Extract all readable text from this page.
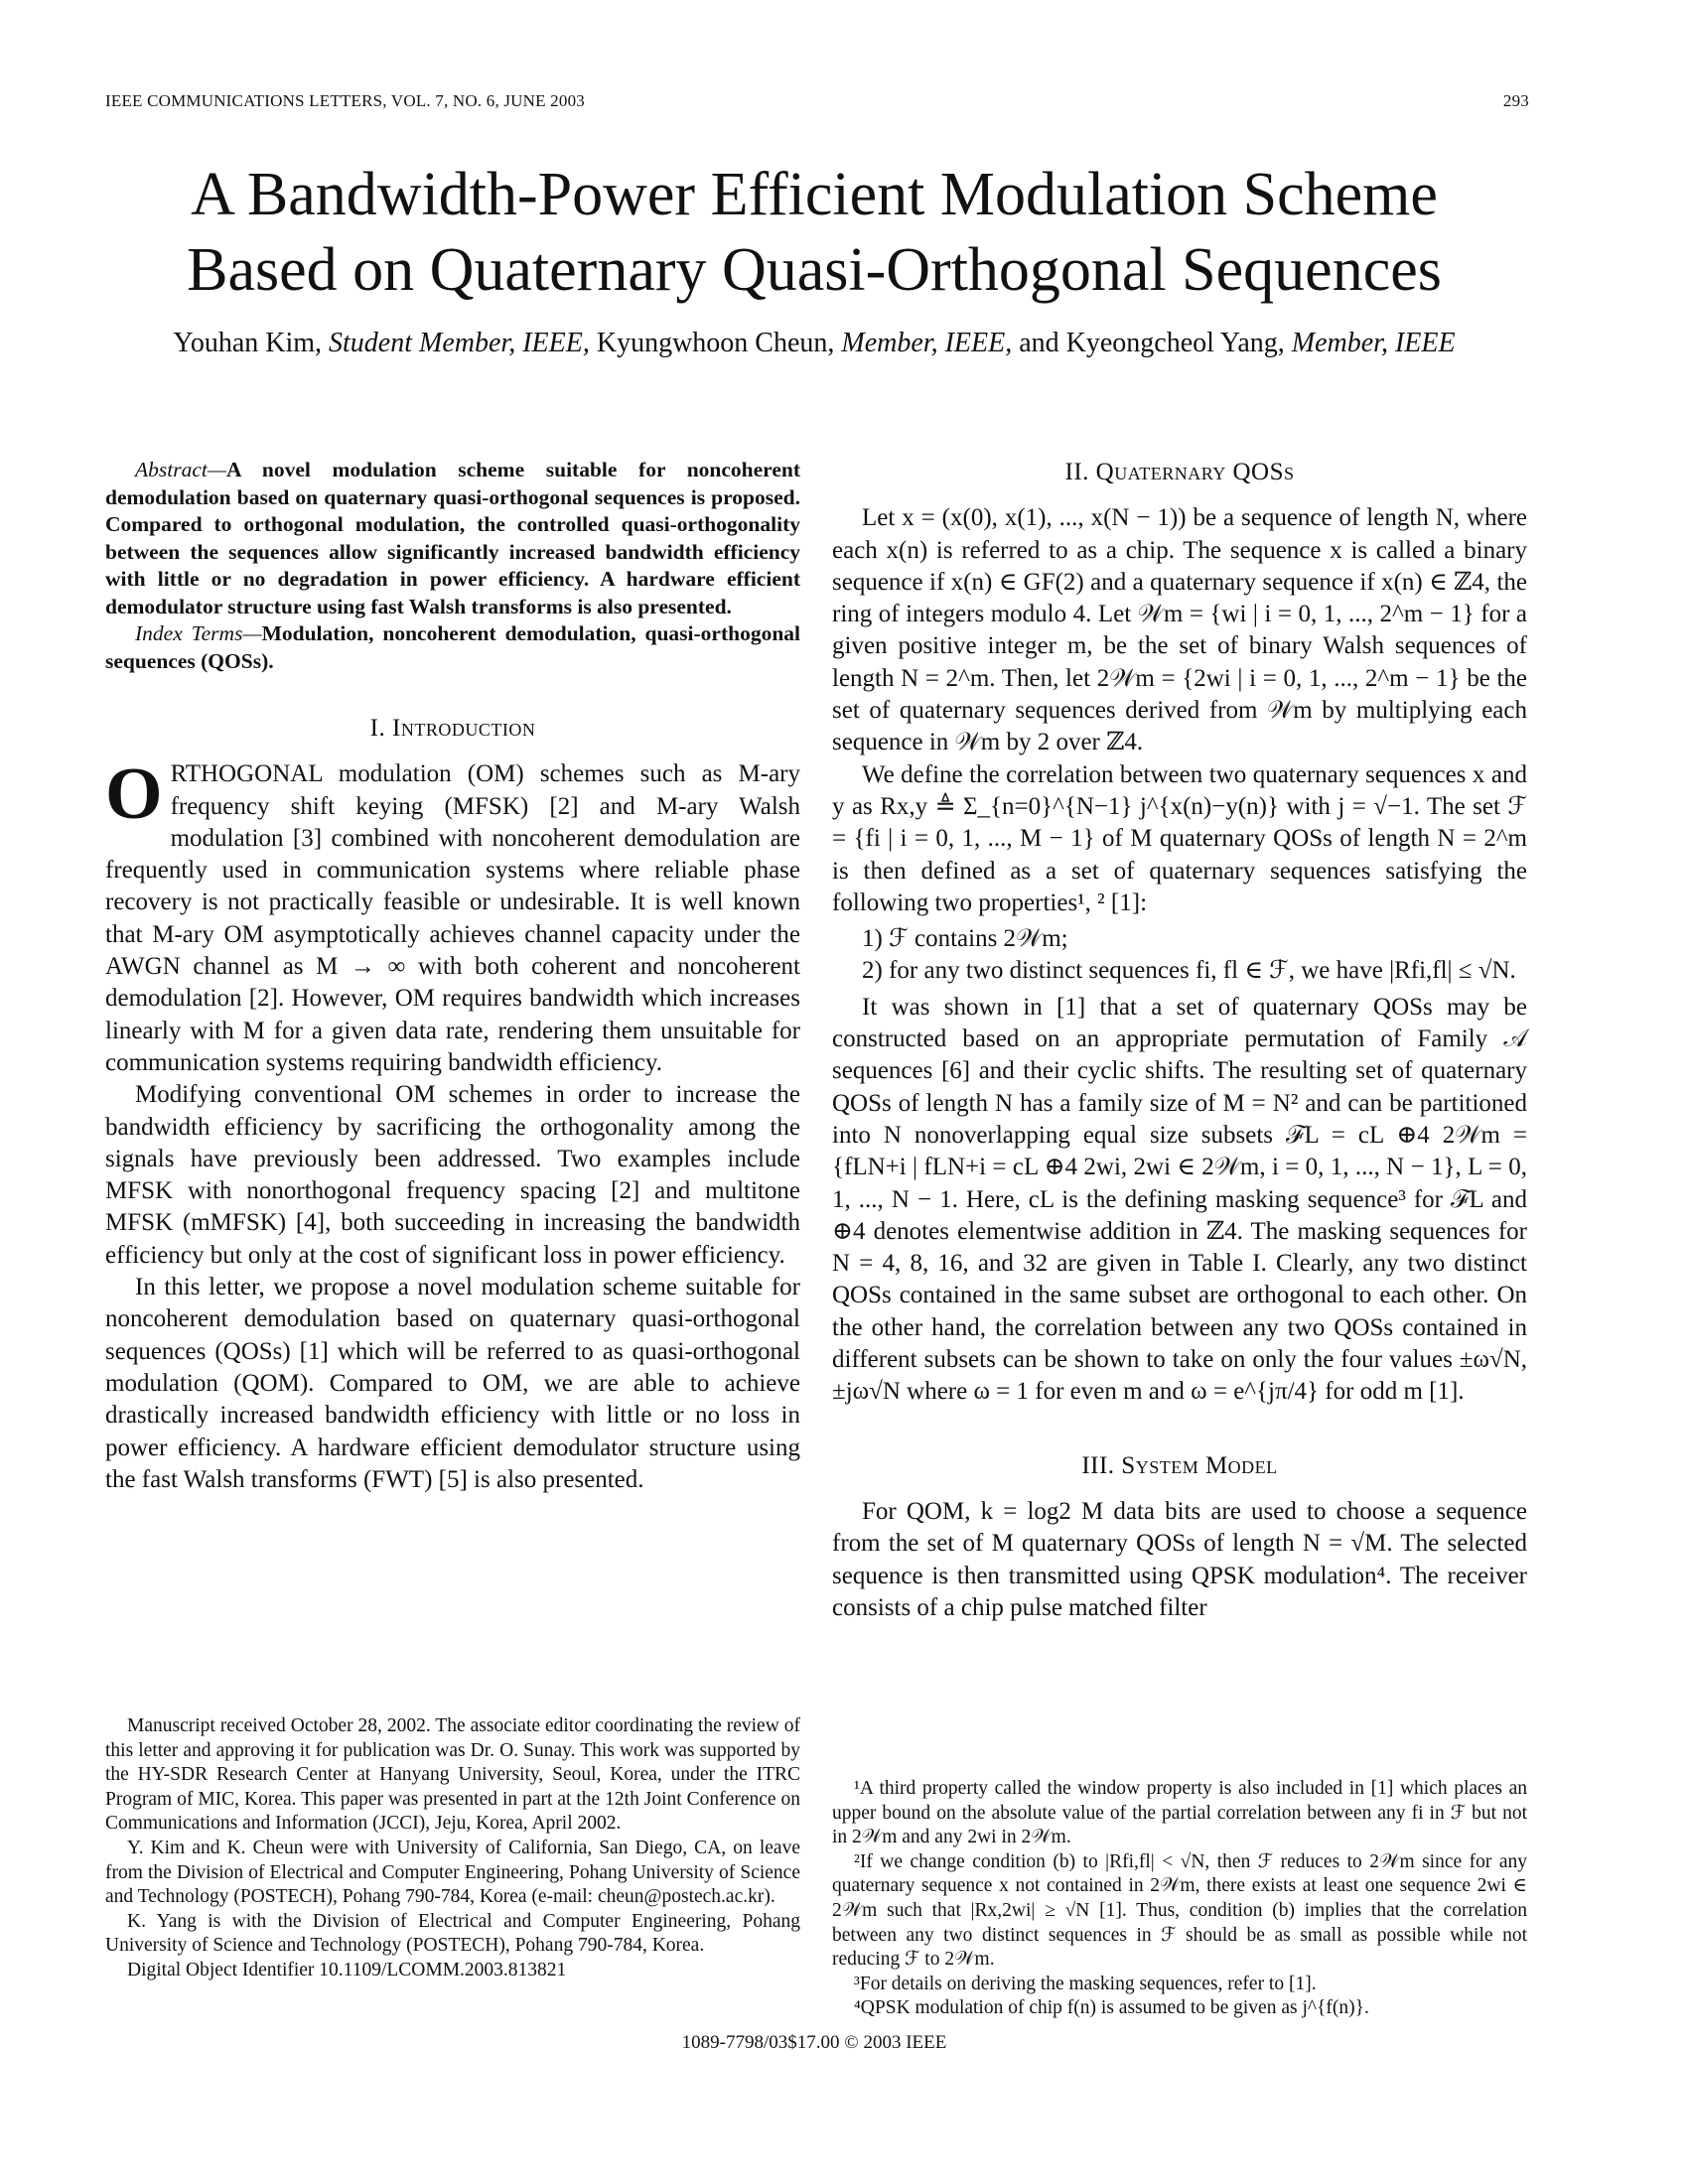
IEEE COMMUNICATIONS LETTERS, VOL. 7, NO. 6, JUNE 2003	293
A Bandwidth-Power Efficient Modulation Scheme
Based on Quaternary Quasi-Orthogonal Sequences
Youhan Kim, Student Member, IEEE, Kyungwhoon Cheun, Member, IEEE, and Kyeongcheol Yang, Member, IEEE

Abstract—A novel modulation scheme suitable for noncoherent demodulation based on quaternary quasi-orthogonal sequences is proposed. Compared to orthogonal modulation, the controlled quasi-orthogonality between the sequences allow significantly increased bandwidth efficiency with little or no degradation in power efficiency. A hardware efficient demodulator structure using fast Walsh transforms is also presented.

Index Terms—Modulation, noncoherent demodulation, quasi-orthogonal sequences (QOSs).

I. Introduction

ORTHOGONAL modulation (OM) schemes such as M-ary frequency shift keying (MFSK) [2] and M-ary Walsh modulation [3] combined with noncoherent demodulation are frequently used in communication systems where reliable phase recovery is not practically feasible or undesirable. It is well known that M-ary OM asymptotically achieves channel capacity under the AWGN channel as M → ∞ with both coherent and noncoherent demodulation [2]. However, OM requires bandwidth which increases linearly with M for a given data rate, rendering them unsuitable for communication systems requiring bandwidth efficiency.

Modifying conventional OM schemes in order to increase the bandwidth efficiency by sacrificing the orthogonality among the signals have previously been addressed. Two examples include MFSK with nonorthogonal frequency spacing [2] and multitone MFSK (mMFSK) [4], both succeeding in increasing the bandwidth efficiency but only at the cost of significant loss in power efficiency.

In this letter, we propose a novel modulation scheme suitable for noncoherent demodulation based on quaternary quasi-orthogonal sequences (QOSs) [1] which will be referred to as quasi-orthogonal modulation (QOM). Compared to OM, we are able to achieve drastically increased bandwidth efficiency with little or no loss in power efficiency. A hardware efficient demodulator structure using the fast Walsh transforms (FWT) [5] is also presented.

Manuscript received October 28, 2002. The associate editor coordinating the review of this letter and approving it for publication was Dr. O. Sunay. This work was supported by the HY-SDR Research Center at Hanyang University, Seoul, Korea, under the ITRC Program of MIC, Korea. This paper was presented in part at the 12th Joint Conference on Communications and Information (JCCI), Jeju, Korea, April 2002.

Y. Kim and K. Cheun were with University of California, San Diego, CA, on leave from the Division of Electrical and Computer Engineering, Pohang University of Science and Technology (POSTECH), Pohang 790-784, Korea (e-mail: cheun@postech.ac.kr).

K. Yang is with the Division of Electrical and Computer Engineering, Pohang University of Science and Technology (POSTECH), Pohang 790-784, Korea.

Digital Object Identifier 10.1109/LCOMM.2003.813821

II. Quaternary QOSs

Let x = (x(0), x(1), ..., x(N − 1)) be a sequence of length N, where each x(n) is referred to as a chip. The sequence x is called a binary sequence if x(n) ∈ GF(2) and a quaternary sequence if x(n) ∈ ℤ4, the ring of integers modulo 4. Let 𝒲m = {wi | i = 0, 1, ..., 2^m − 1} for a given positive integer m, be the set of binary Walsh sequences of length N = 2^m. Then, let 2𝒲m = {2wi | i = 0, 1, ..., 2^m − 1} be the set of quaternary sequences derived from 𝒲m by multiplying each sequence in 𝒲m by 2 over ℤ4.

We define the correlation between two quaternary sequences x and y as Rx,y ≜ Σ_{n=0}^{N−1} j^{x(n)−y(n)} with j = √−1. The set ℱ = {fi | i = 0, 1, ..., M − 1} of M quaternary QOSs of length N = 2^m is then defined as a set of quaternary sequences satisfying the following two properties¹, ² [1]:

1) ℱ contains 2𝒲m;
2) for any two distinct sequences fi, fl ∈ ℱ, we have |Rfi,fl| ≤ √N.

It was shown in [1] that a set of quaternary QOSs may be constructed based on an appropriate permutation of Family 𝒜 sequences [6] and their cyclic shifts. The resulting set of quaternary QOSs of length N has a family size of M = N² and can be partitioned into N nonoverlapping equal size subsets ℱL = cL ⊕4 2𝒲m = {fLN+i | fLN+i = cL ⊕4 2wi, 2wi ∈ 2𝒲m, i = 0, 1, ..., N − 1}, L = 0, 1, ..., N − 1. Here, cL is the defining masking sequence³ for ℱL and ⊕4 denotes elementwise addition in ℤ4. The masking sequences for N = 4, 8, 16, and 32 are given in Table I. Clearly, any two distinct QOSs contained in the same subset are orthogonal to each other. On the other hand, the correlation between any two QOSs contained in different subsets can be shown to take on only the four values ±ω√N, ±jω√N where ω = 1 for even m and ω = e^{jπ/4} for odd m [1].

III. System Model

For QOM, k = log2 M data bits are used to choose a sequence from the set of M quaternary QOSs of length N = √M. The selected sequence is then transmitted using QPSK modulation⁴. The receiver consists of a chip pulse matched filter

¹A third property called the window property is also included in [1] which places an upper bound on the absolute value of the partial correlation between any fi in ℱ but not in 2𝒲m and any 2wi in 2𝒲m.

²If we change condition (b) to |Rfi,fl| < √N, then ℱ reduces to 2𝒲m since for any quaternary sequence x not contained in 2𝒲m, there exists at least one sequence 2wi ∈ 2𝒲m such that |Rx,2wi| ≥ √N [1]. Thus, condition (b) implies that the correlation between any two distinct sequences in ℱ should be as small as possible while not reducing ℱ to 2𝒲m.

³For details on deriving the masking sequences, refer to [1].

⁴QPSK modulation of chip f(n) is assumed to be given as j^{f(n)}.

1089-7798/03$17.00 © 2003 IEEE
